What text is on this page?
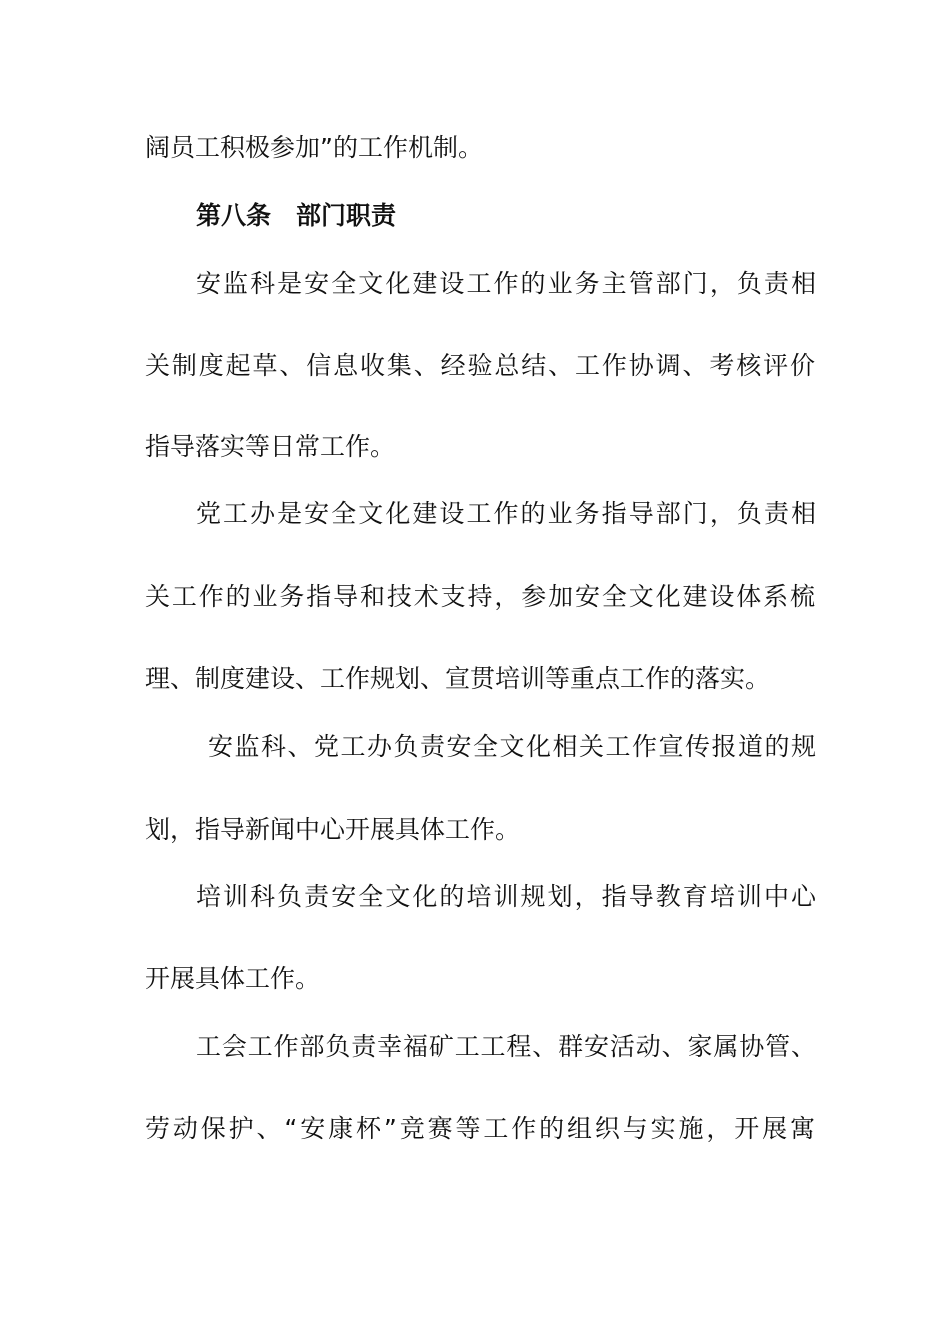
阔员工积极参加”的工作机制。
第八条　部门职责
安监科是安全文化建设工作的业务主管部门，负责相
关制度起草、信息收集、经验总结、工作协调、考核评价
指导落实等日常工作。
党工办是安全文化建设工作的业务指导部门，负责相
关工作的业务指导和技术支持，参加安全文化建设体系梳
理、制度建设、工作规划、宣贯培训等重点工作的落实。
安监科、党工办负责安全文化相关工作宣传报道的规
划，指导新闻中心开展具体工作。
培训科负责安全文化的培训规划，指导教育培训中心
开展具体工作。
工会工作部负责幸福矿工工程、群安活动、家属协管、
劳动保护、“安康杯”竞赛等工作的组织与实施，开展寓
